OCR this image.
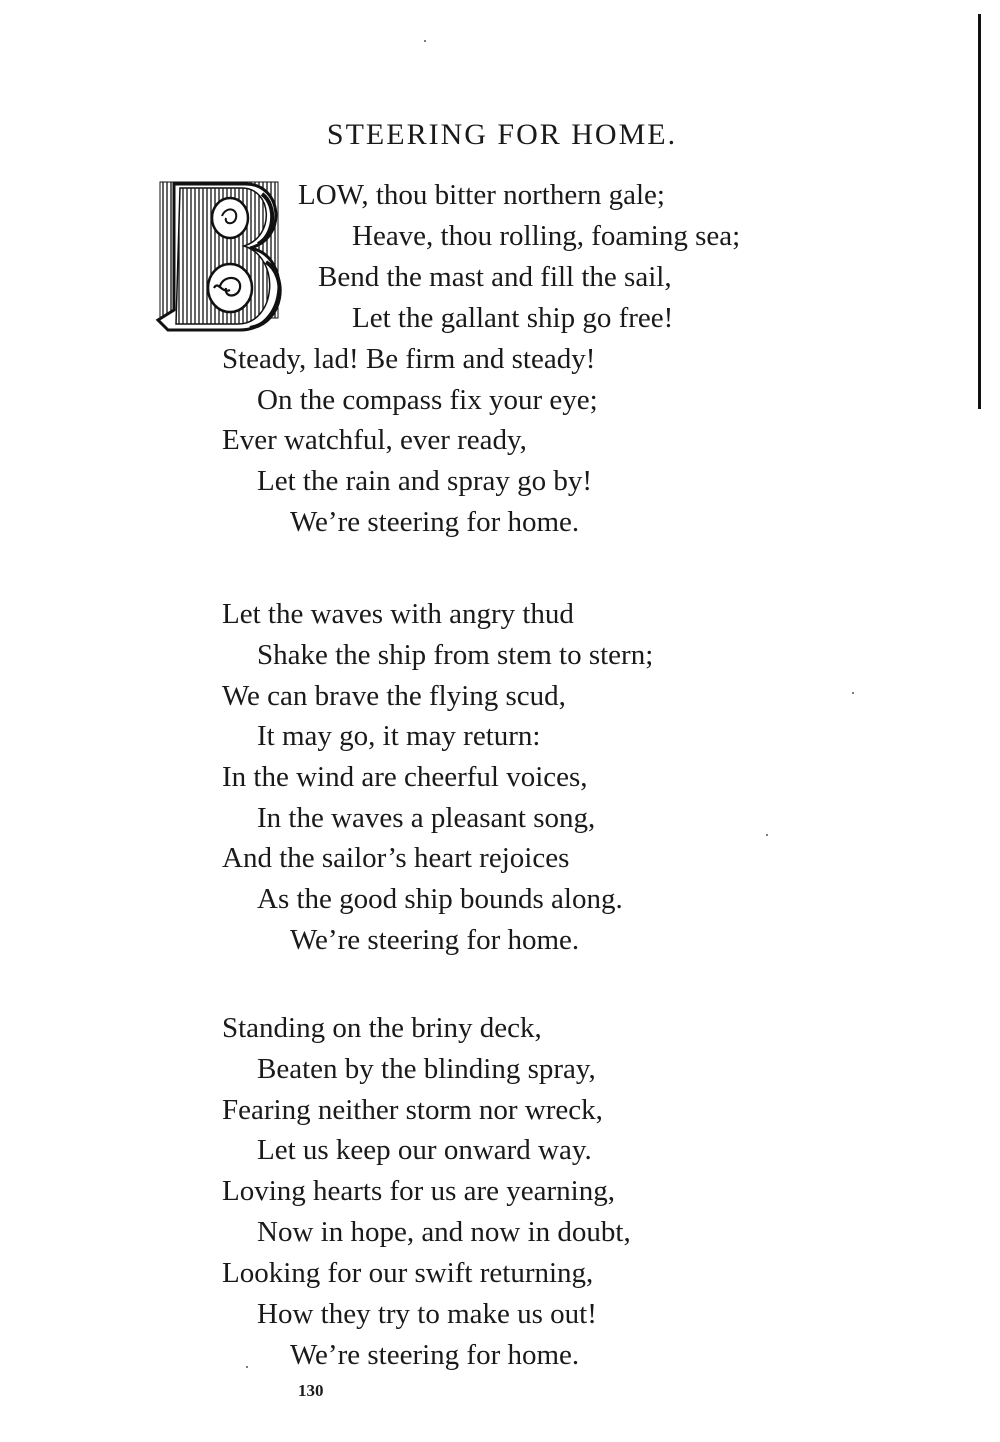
STEERING FOR HOME.
LOW, thou bitter northern gale;
Heave, thou rolling, foaming sea;
Bend the mast and fill the sail,
Let the gallant ship go free!
Steady, lad! Be firm and steady!
On the compass fix your eye;
Ever watchful, ever ready,
Let the rain and spray go by!
We’re steering for home.
Let the waves with angry thud
Shake the ship from stem to stern;
We can brave the flying scud,
It may go, it may return:
In the wind are cheerful voices,
In the waves a pleasant song,
And the sailor’s heart rejoices
As the good ship bounds along.
We’re steering for home.
Standing on the briny deck,
Beaten by the blinding spray,
Fearing neither storm nor wreck,
Let us keep our onward way.
Loving hearts for us are yearning,
Now in hope, and now in doubt,
Looking for our swift returning,
How they try to make us out!
We’re steering for home.
130
